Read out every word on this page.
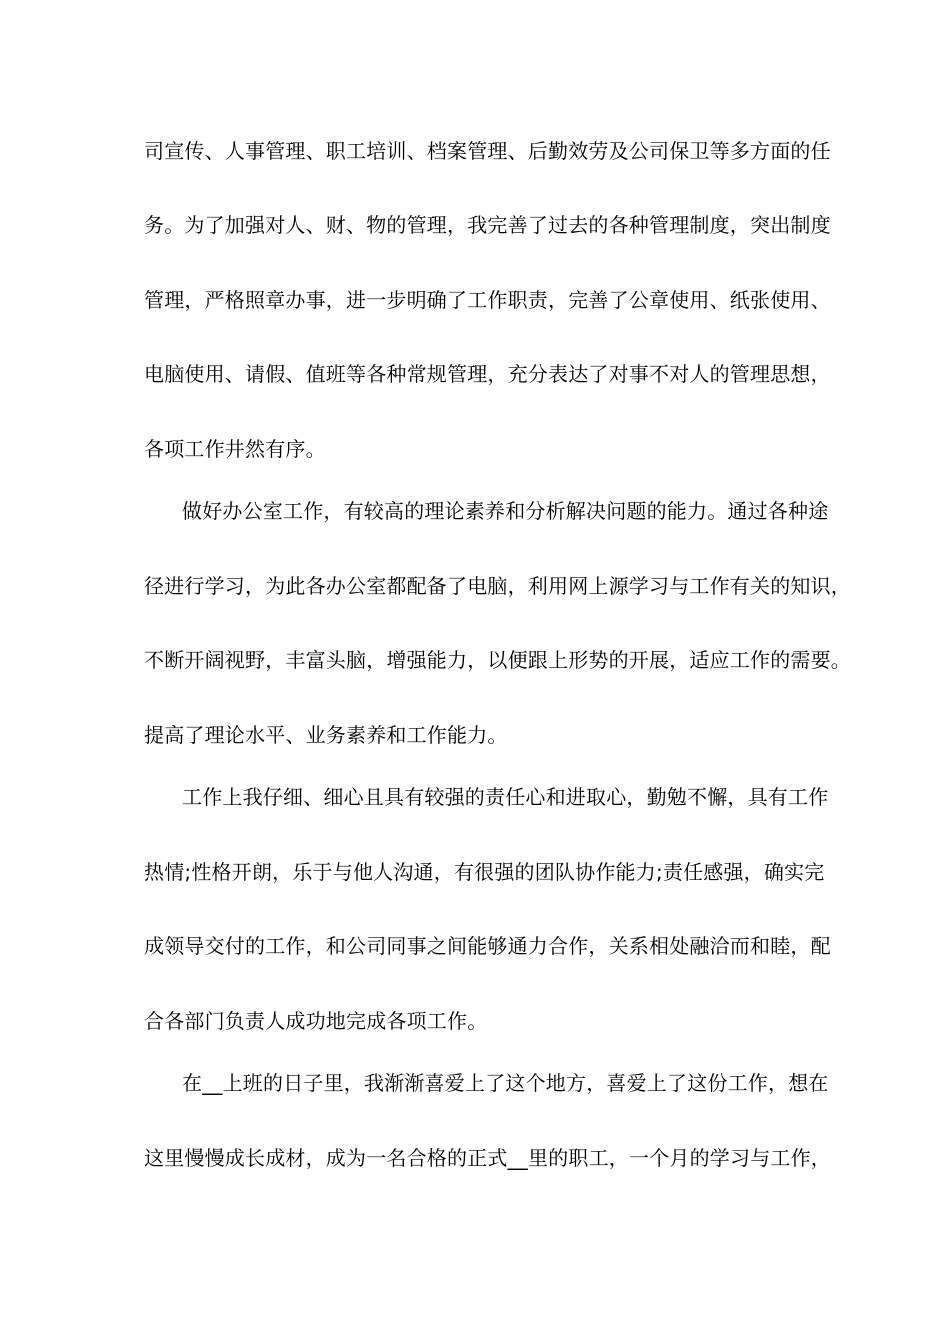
司宣传、人事管理、职工培训、档案管理、后勤效劳及公司保卫等多方面的任
务。为了加强对人、财、物的管理，我完善了过去的各种管理制度，突出制度
管理，严格照章办事，进一步明确了工作职责，完善了公章使用、纸张使用、
电脑使用、请假、值班等各种常规管理，充分表达了对事不对人的管理思想，
各项工作井然有序。
做好办公室工作，有较高的理论素养和分析解决问题的能力。通过各种途
径进行学习，为此各办公室都配备了电脑，利用网上源学习与工作有关的知识，
不断开阔视野，丰富头脑，增强能力，以便跟上形势的开展，适应工作的需要。
提高了理论水平、业务素养和工作能力。
工作上我仔细、细心且具有较强的责任心和进取心，勤勉不懈，具有工作
热情;性格开朗，乐于与他人沟通，有很强的团队协作能力;责任感强，确实完
成领导交付的工作，和公司同事之间能够通力合作，关系相处融洽而和睦，配
合各部门负责人成功地完成各项工作。
在__上班的日子里，我渐渐喜爱上了这个地方，喜爱上了这份工作，想在
这里慢慢成长成材，成为一名合格的正式__里的职工，一个月的学习与工作，
